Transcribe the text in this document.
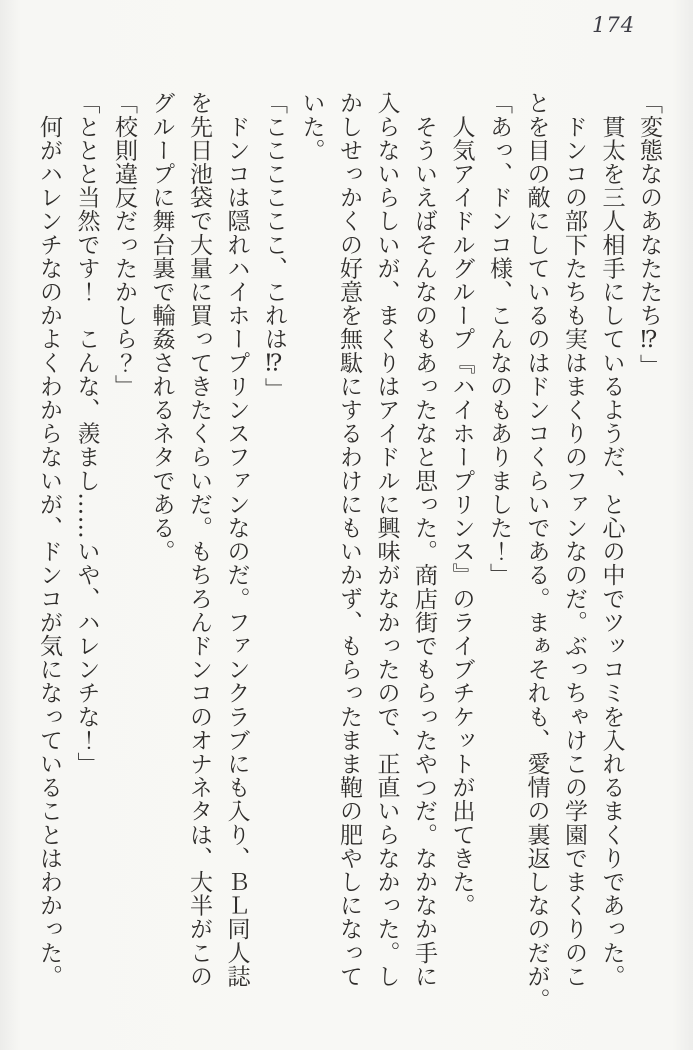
174
「変態なのあなたたち⁉」
　貫太を三人相手にしているようだ、と心の中でツッコミを入れるまくりであった。
　ドンコの部下たちも実はまくりのファンなのだ。ぶっちゃけこの学園でまくりのこ
とを目の敵にしているのはドンコくらいである。まぁそれも、愛情の裏返しなのだが。
「あっ、ドンコ様、こんなのもありました！」
　人気アイドルグループ『ハイホープリンス』のライブチケットが出てきた。
　そういえばそんなのもあったなと思った。商店街でもらったやつだ。なかなか手に
入らないらしいが、まくりはアイドルに興味がなかったので、正直いらなかった。し
かしせっかくの好意を無駄にするわけにもいかず、もらったまま鞄の肥やしになって
いた。
「ここここここ、これは⁉」
　ドンコは隠れハイホープリンスファンなのだ。ファンクラブにも入り、ＢＬ同人誌
を先日池袋で大量に買ってきたくらいだ。もちろんドンコのオナネタは、大半がこの
グループに舞台裏で輪姦されるネタである。
「校則違反だったかしら？」
「ととと当然です！　こんな、羨まし……いや、ハレンチな！」
　何がハレンチなのかよくわからないが、ドンコが気になっていることはわかった。
